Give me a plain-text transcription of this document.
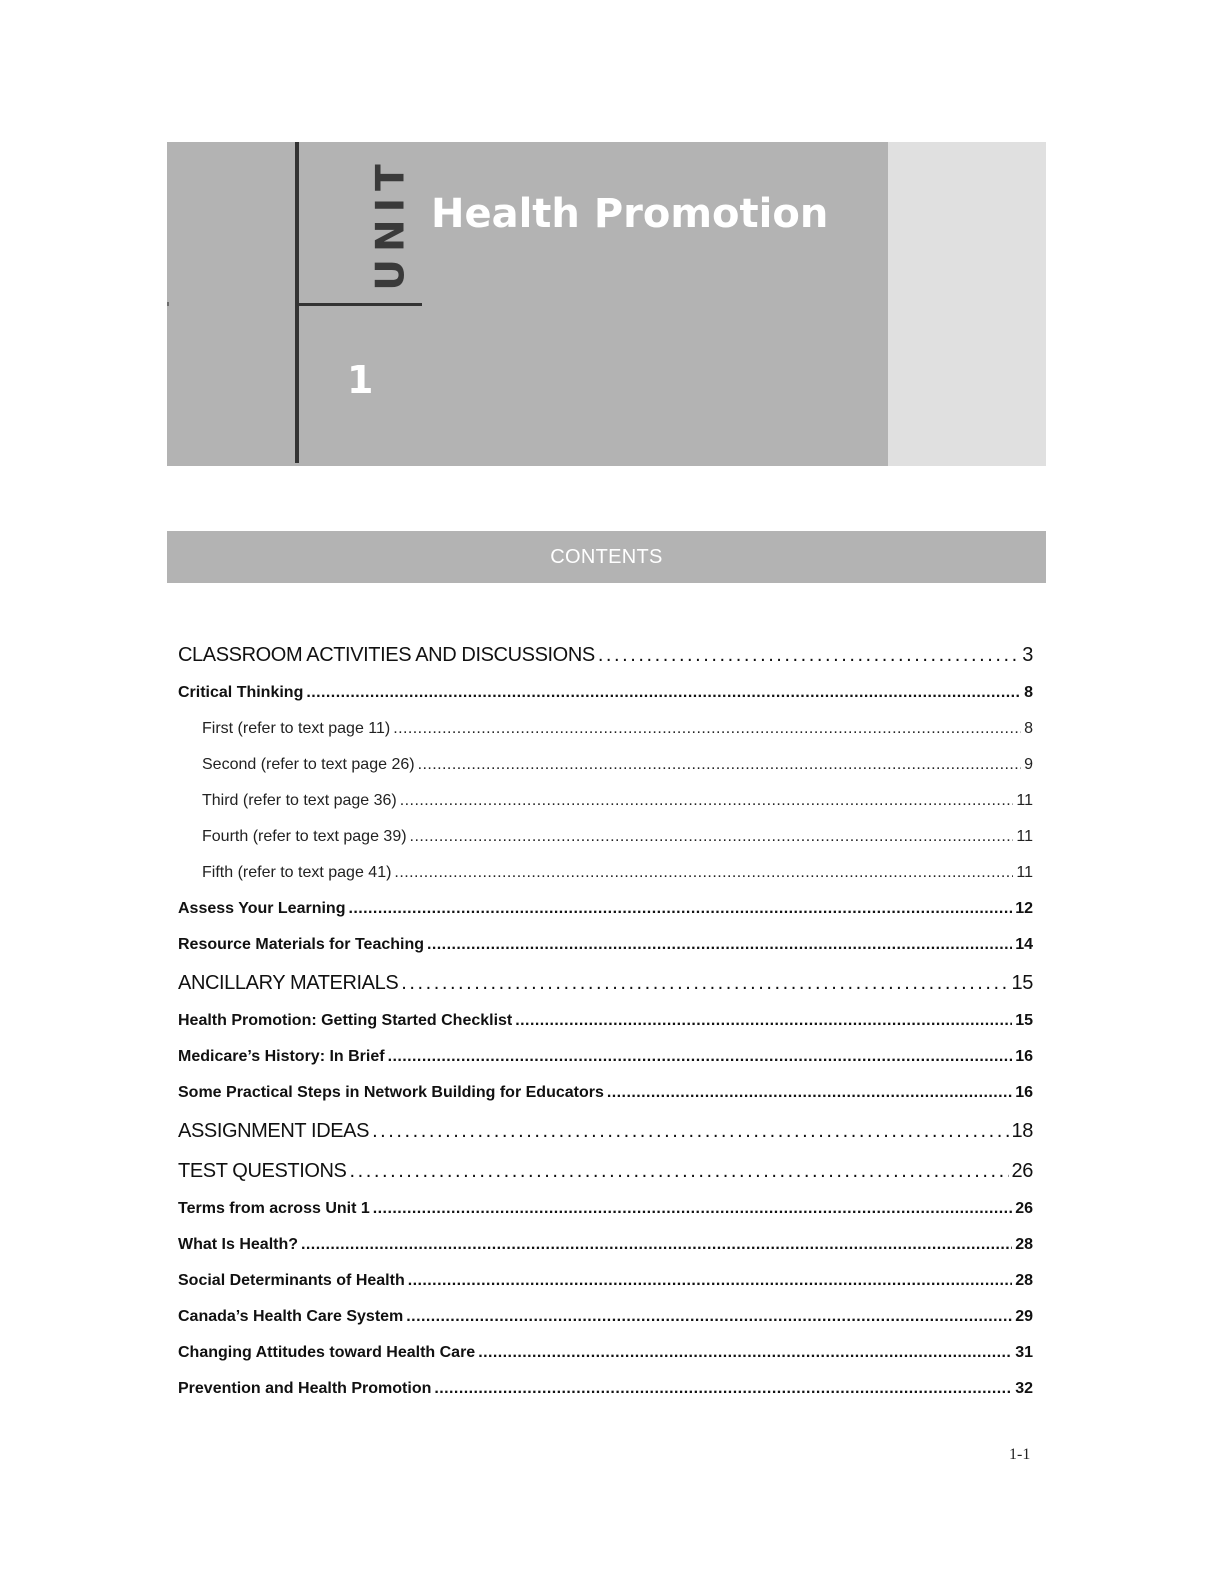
UNIT Health Promotion
1
CONTENTS
CLASSROOM ACTIVITIES AND DISCUSSIONS . . .	3
Critical Thinking . . .	8
First (refer to text page 11) . . .	8
Second (refer to text page 26) . . .	9
Third (refer to text page 36) . . .	11
Fourth (refer to text page 39) . . .	11
Fifth (refer to text page 41) . . .	11
Assess Your Learning . . .	12
Resource Materials for Teaching . . .	14
ANCILLARY MATERIALS . . .	15
Health Promotion: Getting Started Checklist . . .	15
Medicare’s History: In Brief . . .	16
Some Practical Steps in Network Building for Educators . . .	16
ASSIGNMENT IDEAS . . .	18
TEST QUESTIONS . . .	26
Terms from across Unit 1 . . .	26
What Is Health? . . .	28
Social Determinants of Health . . .	28
Canada’s Health Care System . . .	29
Changing Attitudes toward Health Care . . .	31
Prevention and Health Promotion . . .	32
1-1
